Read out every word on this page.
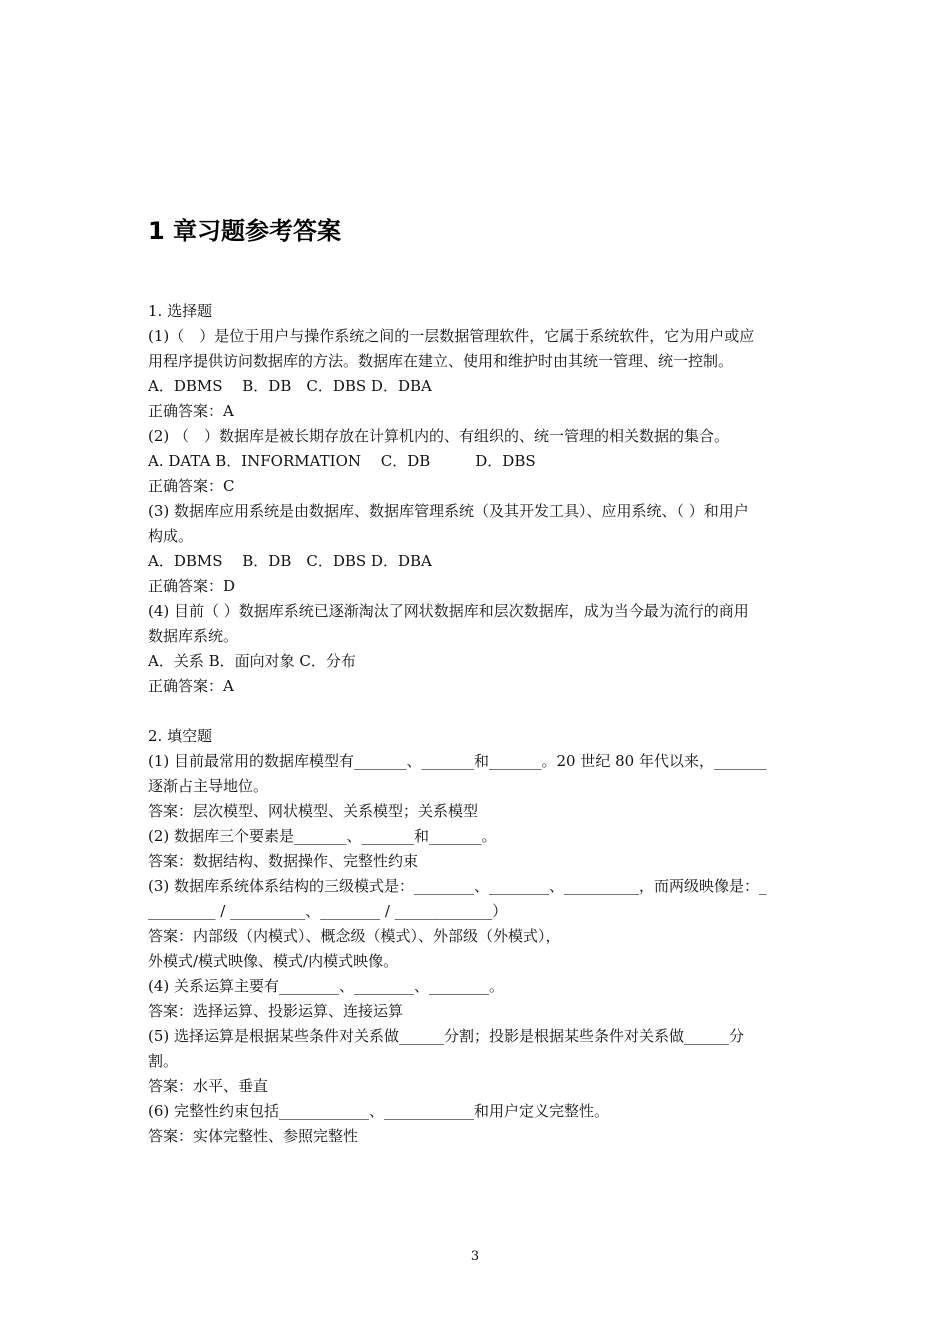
1 章习题参考答案

1. 选择题

(1)（　）是位于用户与操作系统之间的一层数据管理软件，它属于系统软件，它为用户或应

用程序提供访问数据库的方法。数据库在建立、使用和维护时由其统一管理、统一控制。

A．DBMS　 B．DB　C．DBS D．DBA

正确答案：A

(2) （　）数据库是被长期存放在计算机内的、有组织的、统一管理的相关数据的集合。

A. DATA B．INFORMATION　 C．DB　　　D．DBS

正确答案：C

(3) 数据库应用系统是由数据库、数据库管理系统（及其开发工具）、应用系统、（ ）和用户

构成。

A．DBMS　 B．DB　C．DBS D．DBA

正确答案：D

(4) 目前（ ）数据库系统已逐渐淘汰了网状数据库和层次数据库，成为当今最为流行的商用

数据库系统。

A．关系 B．面向对象 C．分布

正确答案：A

2. 填空题

(1) 目前最常用的数据库模型有_______、_______和_______。20 世纪 80 年代以来，_______

逐渐占主导地位。

答案：层次模型、网状模型、关系模型；关系模型

(2) 数据库三个要素是_______、_______和_______。

答案：数据结构、数据操作、完整性约束

(3) 数据库系统体系结构的三级模式是：________、________、__________，而两级映像是：_

_________ / __________、________ / _____________）

答案：内部级（内模式）、概念级（模式）、外部级（外模式），

外模式/模式映像、模式/内模式映像。

(4) 关系运算主要有________、________、________。

答案：选择运算、投影运算、连接运算

(5) 选择运算是根据某些条件对关系做______分割；投影是根据某些条件对关系做______分

割。

答案：水平、垂直

(6) 完整性约束包括____________、____________和用户定义完整性。

答案：实体完整性、参照完整性

3
